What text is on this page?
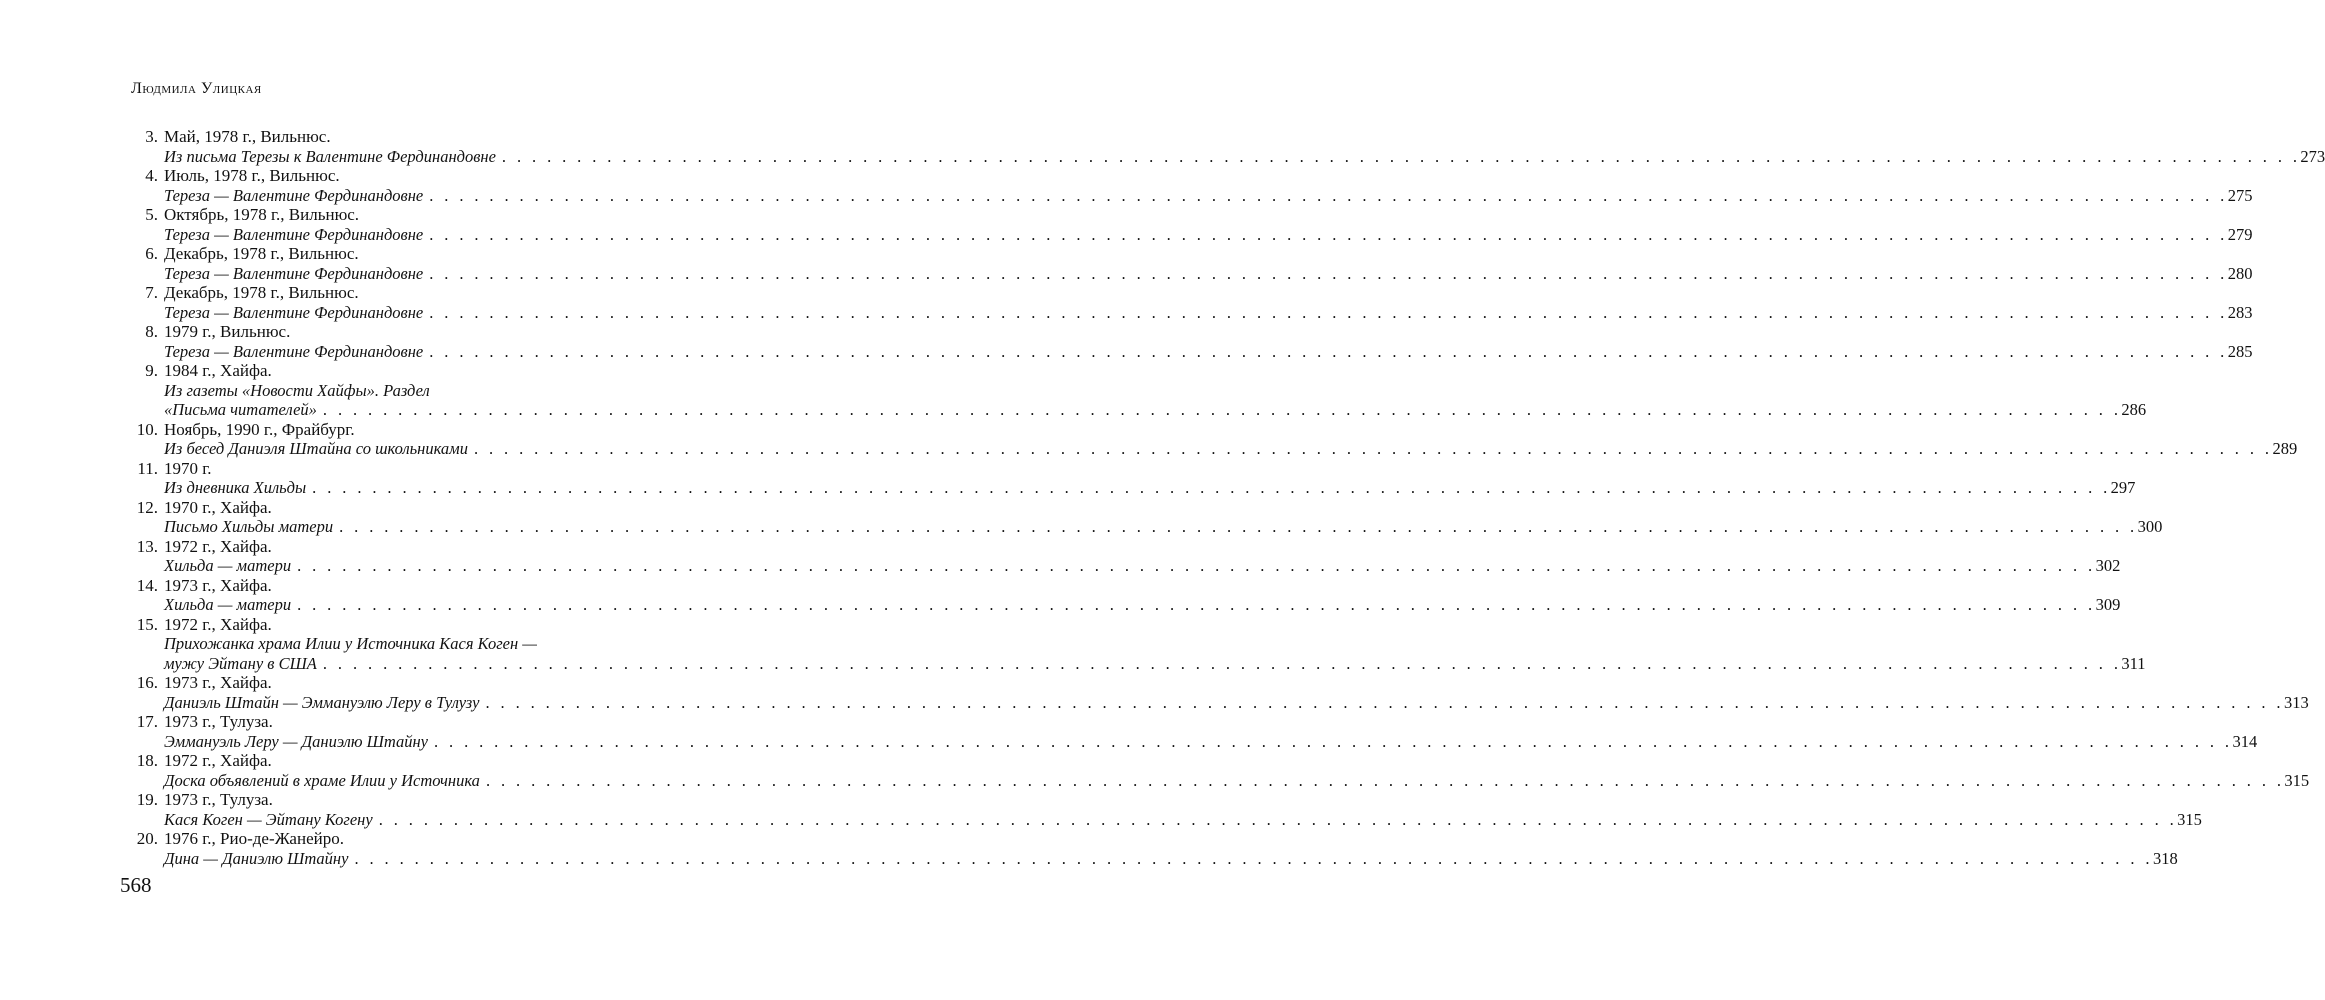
Людмила Улицкая
3. Май, 1978 г., Вильнюс.
Из письма Терезы к Валентине Фердинандовне . . . . . . . . . . . . . . . . . . . . . . . . . . . . . . . . . . . . . . . . . . . . . . . . . . . . . . . . . . . . . . . . . . . . . . . . . . . . . . . . . . . . . . . . . . . . . . . . . . . . . . . . . . . . . . . . . . . . . . . . 273
4. Июль, 1978 г., Вильнюс.
Тереза — Валентине Фердинандовне . . . . . . . . . . . . . . . . . . . . . . . . . . . . . . . . . . . . . . . . . . . . . . . . . . . . . . . . . . . . . . . . . . . . . . . . . . . . . . . . . . . . . . . . . . . . . . . . . . . . . . . . . . . . . . . . . . . . . . . . 275
5. Октябрь, 1978 г., Вильнюс.
Тереза — Валентине Фердинандовне . . . . . . . . . . . . . . . . . . . . . . . . . . . . . . . . . . . . . . . . . . . . . . . . . . . . . . . . . . . . . . . . . . . . . . . . . . . . . . . . . . . . . . . . . . . . . . . . . . . . . . . . . . . . . . . . . . . . . . . . 279
6. Декабрь, 1978 г., Вильнюс.
Тереза — Валентине Фердинандовне . . . . . . . . . . . . . . . . . . . . . . . . . . . . . . . . . . . . . . . . . . . . . . . . . . . . . . . . . . . . . . . . . . . . . . . . . . . . . . . . . . . . . . . . . . . . . . . . . . . . . . . . . . . . . . . . . . . . . . . . 280
7. Декабрь, 1978 г., Вильнюс.
Тереза — Валентине Фердинандовне . . . . . . . . . . . . . . . . . . . . . . . . . . . . . . . . . . . . . . . . . . . . . . . . . . . . . . . . . . . . . . . . . . . . . . . . . . . . . . . . . . . . . . . . . . . . . . . . . . . . . . . . . . . . . . . . . . . . . . . . 283
8. 1979 г., Вильнюс.
Тереза — Валентине Фердинандовне . . . . . . . . . . . . . . . . . . . . . . . . . . . . . . . . . . . . . . . . . . . . . . . . . . . . . . . . . . . . . . . . . . . . . . . . . . . . . . . . . . . . . . . . . . . . . . . . . . . . . . . . . . . . . . . . . . . . . . . . 285
9. 1984 г., Хайфа.
Из газеты «Новости Хайфы». Раздел
«Письма читателей» . . . . . . . . . . . . . . . . . . . . . . . . . . . . . . . . . . . . . . . . . . . . . . . . . . . . . . . . . . . . . . . . . . . . . . . . . . . . . . . . . . . . . . . . . . . . . . . . . . . . . . . . . . . . . . . . . . . . . . . . 286
10. Ноябрь, 1990 г., Фрайбург.
Из бесед Даниэля Штайна со школьниками . . . . . . . . . . . . . . . . . . . . . . . . . . . . . . . . . . . . . . . . . . . . . . . . . . . . . . . . . . . . . . . . . . . . . . . . . . . . . . . . . . . . . . . . . . . . . . . . . . . . . . . . . . . . . . . . . . . . . . . . 289
11. 1970 г.
Из дневника Хильды . . . . . . . . . . . . . . . . . . . . . . . . . . . . . . . . . . . . . . . . . . . . . . . . . . . . . . . . . . . . . . . . . . . . . . . . . . . . . . . . . . . . . . . . . . . . . . . . . . . . . . . . . . . . . . . . . . . . . . . . 297
12. 1970 г., Хайфа.
Письмо Хильды матери . . . . . . . . . . . . . . . . . . . . . . . . . . . . . . . . . . . . . . . . . . . . . . . . . . . . . . . . . . . . . . . . . . . . . . . . . . . . . . . . . . . . . . . . . . . . . . . . . . . . . . . . . . . . . . . . . . . . . . . . 300
13. 1972 г., Хайфа.
Хильда — матери . . . . . . . . . . . . . . . . . . . . . . . . . . . . . . . . . . . . . . . . . . . . . . . . . . . . . . . . . . . . . . . . . . . . . . . . . . . . . . . . . . . . . . . . . . . . . . . . . . . . . . . . . . . . . . . . . . . . . . . . 302
14. 1973 г., Хайфа.
Хильда — матери . . . . . . . . . . . . . . . . . . . . . . . . . . . . . . . . . . . . . . . . . . . . . . . . . . . . . . . . . . . . . . . . . . . . . . . . . . . . . . . . . . . . . . . . . . . . . . . . . . . . . . . . . . . . . . . . . . . . . . . . 309
15. 1972 г., Хайфа.
Прихожанка храма Илии у Источника Кася Коген —
мужу Эйтану в США . . . . . . . . . . . . . . . . . . . . . . . . . . . . . . . . . . . . . . . . . . . . . . . . . . . . . . . . . . . . . . . . . . . . . . . . . . . . . . . . . . . . . . . . . . . . . . . . . . . . . . . . . . . . . . . . . . . . . . . . 311
16. 1973 г., Хайфа.
Даниэль Штайн — Эммануэлю Леру в Тулузу . . . . . . . . . . . . . . . . . . . . . . . . . . . . . . . . . . . . . . . . . . . . . . . . . . . . . . . . . . . . . . . . . . . . . . . . . . . . . . . . . . . . . . . . . . . . . . . . . . . . . . . . . . . . . . . . . . . . . . . . 313
17. 1973 г., Тулуза.
Эммануэль Леру — Даниэлю Штайну . . . . . . . . . . . . . . . . . . . . . . . . . . . . . . . . . . . . . . . . . . . . . . . . . . . . . . . . . . . . . . . . . . . . . . . . . . . . . . . . . . . . . . . . . . . . . . . . . . . . . . . . . . . . . . . . . . . . . . . . 314
18. 1972 г., Хайфа.
Доска объявлений в храме Илии у Источника . . . . . . . . . . . . . . . . . . . . . . . . . . . . . . . . . . . . . . . . . . . . . . . . . . . . . . . . . . . . . . . . . . . . . . . . . . . . . . . . . . . . . . . . . . . . . . . . . . . . . . . . . . . . . . . . . . . . . . . . 315
19. 1973 г., Тулуза.
Кася Коген — Эйтану Когену . . . . . . . . . . . . . . . . . . . . . . . . . . . . . . . . . . . . . . . . . . . . . . . . . . . . . . . . . . . . . . . . . . . . . . . . . . . . . . . . . . . . . . . . . . . . . . . . . . . . . . . . . . . . . . . . . . . . . . . . 315
20. 1976 г., Рио-де-Жанейро.
Дина — Даниэлю Штайну . . . . . . . . . . . . . . . . . . . . . . . . . . . . . . . . . . . . . . . . . . . . . . . . . . . . . . . . . . . . . . . . . . . . . . . . . . . . . . . . . . . . . . . . . . . . . . . . . . . . . . . . . . . . . . . . . . . . . . . . 318
568
